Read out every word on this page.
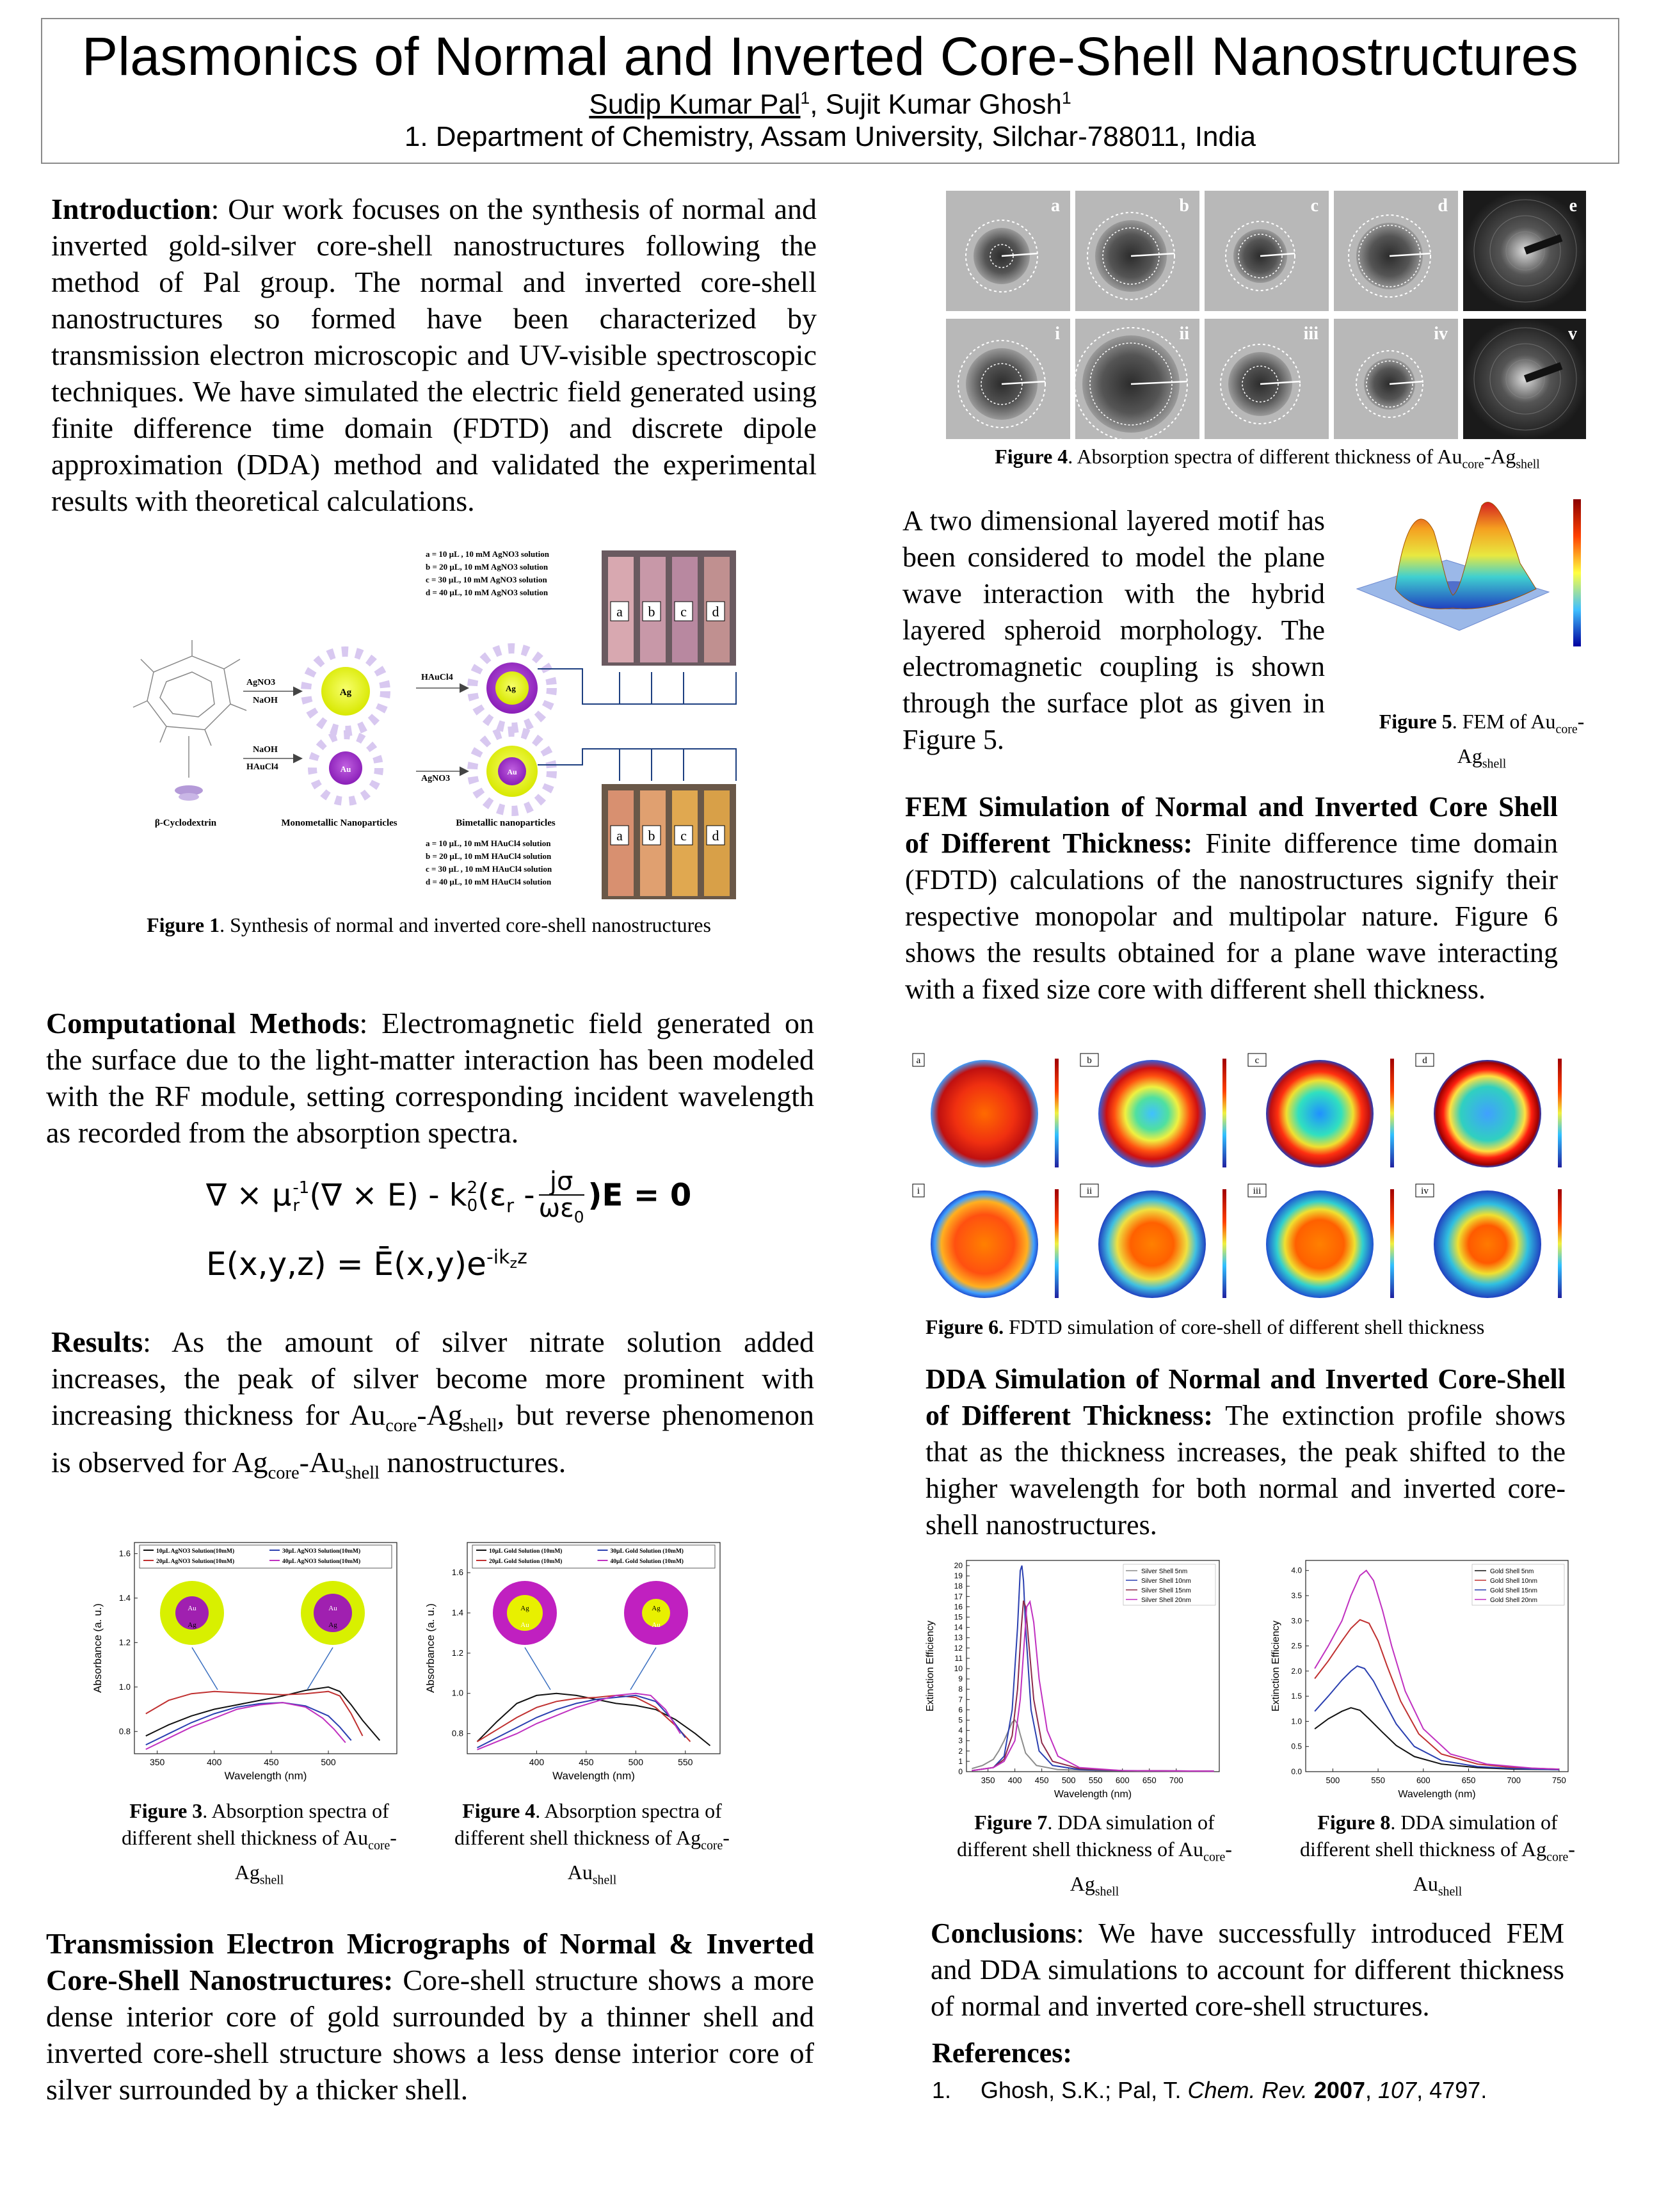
Plasmonics of Normal and Inverted Core-Shell Nanostructures
Sudip Kumar Pal$^1$, Sujit Kumar Ghosh$^1$
1. Department of Chemistry, Assam University, Silchar-788011, India
Introduction: Our work focuses on the synthesis of normal and inverted gold-silver core-shell nanostructures following the method of Pal group. The normal and inverted core-shell nanostructures so formed have been characterized by transmission electron microscopic and UV-visible spectroscopic techniques. We have simulated the electric field generated using finite difference time domain (FDTD) and discrete dipole approximation (DDA) method and validated the experimental results with theoretical calculations.
β-Cyclodextrin
AgNO3
NaOH
NaOH
HAuCl4
Ag
Au
Monometallic Nanoparticles
HAuCl4
AgNO3
Ag
Au
Bimetallic nanoparticles
a = 10 µL , 10 mM AgNO3 solution
b = 20 µL, 10 mM AgNO3 solution
c = 30 µL, 10 mM AgNO3 solution
d = 40 µL, 10 mM AgNO3 solution
a = 10 µL, 10 mM HAuCl4 solution
b = 20 µL, 10 mM HAuCl4 solution
c = 30 µL , 10 mM HAuCl4 solution
d = 40 µL, 10 mM HAuCl4 solution
a b c d
a b c d
Figure 1. Synthesis of normal and inverted core-shell nanostructures
Computational Methods: Electromagnetic field generated on the surface due to the light-matter interaction has been modeled with the RF module, setting corresponding incident wavelength as recorded from the absorption spectra.
∇ × μ -1
r (∇ × E) - k 2
0 $(\varepsilon_r - \frac{j\sigma}{\omega\varepsilon_0} )E = 0$
$E(x,y,z) = Ē(x,y)e^{-ik_zz}$
Results: As the amount of silver nitrate solution added increases, the peak of silver become more prominent with increasing thickness for $Au_{core}-Ag_{shell}$, but reverse phenomenon is observed for $Ag_{core}-Au_{shell}$ nanostructures.
350	400	450	500
0.8
1.0
1.2
1.4
1.6
Wavelength (nm)
Absorbance (a. u.)
10µL AgNO3 Solution(10mM)
20µL AgNO3 Solution(10mM)
30µL AgNO3 Solution(10mM)
40µL AgNO3 Solution(10mM)
Au
Ag
Au
Ag
Figure 3. Absorption spectra of different shell thickness of $Au_{core}-Ag_{shell}$
400	450	500	550
0.8
1.0
1.2
1.4
1.6
Wavelength (nm)
Absorbance (a. u.)
10µL Gold Solution (10mM)
20µL Gold Solution (10mM)
30µL Gold Solution (10mM)
40µL Gold Solution (10mM)
Ag
Au
Ag
Au
Figure 4. Absorption spectra of different shell thickness of $Ag_{core}-Au_{shell}$
Transmission Electron Micrographs of Normal & Inverted Core-Shell Nanostructures: Core-shell structure shows a more dense interior core of gold surrounded by a thinner shell and inverted core-shell structure shows a less dense interior core of silver surrounded by a thicker shell.
a	b	c	d	e
i	ii	iii	iv	v
Figure 4. Absorption spectra of different thickness of $Au_{core}-Ag_{shell}$
A two dimensional layered motif has been considered to model the plane wave interaction with the hybrid layered spheroid morphology. The electromagnetic coupling is shown through the surface plot as given in Figure 5.
Figure 5. FEM of $Au_{core}-Ag_{shell}$
FEM Simulation of Normal and Inverted Core Shell of Different Thickness: Finite difference time domain (FDTD) calculations of the nanostructures signify their respective monopolar and multipolar nature. Figure 6 shows the results obtained for a plane wave interacting with a fixed size core with different shell thickness.
a	b	c	d
i	ii	iii	iv
Figure 6. FDTD simulation of core-shell of different shell thickness
DDA Simulation of Normal and Inverted Core-Shell of Different Thickness: The extinction profile shows that as the thickness increases, the peak shifted to the higher wavelength for both normal and inverted core-shell nanostructures.
350 400 450 500 550 600 650 700
0
1
2
3
4
5
6
7
8
9
10
11
12
13
14
15
16
17
18
19
20
Wavelength (nm)
Extinction Efficiency
Silver Shell 5nm
Silver Shell 10nm
Silver Shell 15nm
Silver Shell 20nm
Figure 7. DDA simulation of different shell thickness of $Au_{core}-Ag_{shell}$
500	550	600	650	700	750
0.0
0.5
1.0
1.5
2.0
2.5
3.0
3.5
4.0
Wavelength (nm)
Extinction Efficiency
Gold Shell 5nm
Gold Shell 10nm
Gold Shell 15nm
Gold Shell 20nm
Figure 8. DDA simulation of different shell thickness of $Ag_{core}-Au_{shell}$
Conclusions: We have successfully introduced FEM and DDA simulations to account for different thickness of normal and inverted core-shell structures.
References:
1. Ghosh, S.K.; Pal, T. Chem. Rev. 2007, 107, 4797.
